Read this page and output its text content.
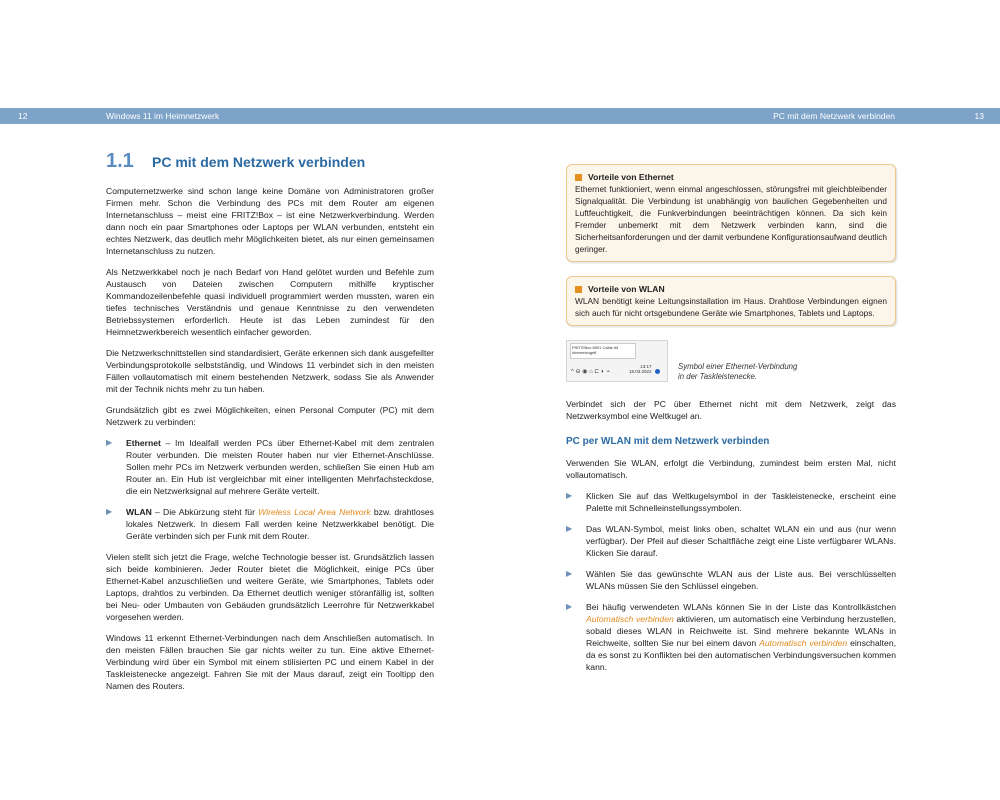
12	Windows 11 im Heimnetzwerk	PC mit dem Netzwerk verbinden	13
1.1	PC mit dem Netzwerk verbinden

Computernetzwerke sind schon lange keine Domäne von Administratoren großer Firmen mehr. Schon die Verbindung des PCs mit dem Router am eigenen Internetanschluss – meist eine FRITZ!Box – ist eine Netzwerkverbindung. Werden dann noch ein paar Smartphones oder Laptops per WLAN verbunden, entsteht ein echtes Netzwerk, das deutlich mehr Möglichkeiten bietet, als nur einen gemeinsamen Internetanschluss zu nutzen.

Als Netzwerkkabel noch je nach Bedarf von Hand gelötet wurden und Befehle zum Austausch von Dateien zwischen Computern mithilfe kryptischer Kommandozeilenbefehle quasi individuell programmiert werden mussten, waren ein tiefes technisches Verständnis und genaue Kenntnisse zu den verwendeten Betriebssystemen erforderlich. Heute ist das Leben zumindest für den Heimnetzwerkbereich wesentlich einfacher geworden.

Die Netzwerkschnittstellen sind standardisiert, Geräte erkennen sich dank ausgefeilter Verbindungsprotokolle selbstständig, und Windows 11 verbindet sich in den meisten Fällen vollautomatisch mit einem bestehenden Netzwerk, sodass Sie als Anwender mit der Technik nichts mehr zu tun haben.

Grundsätzlich gibt es zwei Möglichkeiten, einen Personal Computer (PC) mit dem Netzwerk zu verbinden:

▶	Ethernet – Im Idealfall werden PCs über Ethernet-Kabel mit dem zentralen Router verbunden. Die meisten Router haben nur vier Ethernet-Anschlüsse. Sollen mehr PCs im Netzwerk verbunden werden, schließen Sie einen Hub am Router an. Ein Hub ist vergleichbar mit einer intelligenten Mehrfachsteckdose, die ein Netzwerksignal auf mehrere Geräte verteilt.

▶	WLAN – Die Abkürzung steht für Wireless Local Area Network bzw. drahtloses lokales Netzwerk. In diesem Fall werden keine Netzwerkkabel benötigt. Die Geräte verbinden sich per Funk mit dem Router.

Vielen stellt sich jetzt die Frage, welche Technologie besser ist. Grundsätzlich lassen sich beide kombinieren. Jeder Router bietet die Möglichkeit, einige PCs über Ethernet-Kabel anzuschließen und weitere Geräte, wie Smartphones, Tablets oder Laptops, drahtlos zu verbinden. Da Ethernet deutlich weniger störanfällig ist, sollten bei Neu- oder Umbauten von Gebäuden grundsätzlich Leerrohre für Netzwerkkabel vorgesehen werden.

Windows 11 erkennt Ethernet-Verbindungen nach dem Anschließen automatisch. In den meisten Fällen brauchen Sie gar nichts weiter zu tun. Eine aktive Ethernet-Verbindung wird über ein Symbol mit einem stilisierten PC und einem Kabel in der Taskleistenecke angezeigt. Fahren Sie mit der Maus darauf, zeigt ein Tooltipp den Namen des Routers.

Vorteile von Ethernet

Ethernet funktioniert, wenn einmal angeschlossen, störungsfrei mit gleichbleibender Signalqualität. Die Verbindung ist unabhängig von baulichen Gegebenheiten und Luftfeuchtigkeit, die Funkverbindungen beeinträchtigen können. Da sich kein Fremder unbemerkt mit dem Netzwerk verbinden kann, sind die Sicherheitsanforderungen und der damit verbundene Konfigurationsaufwand deutlich geringer.

Vorteile von WLAN

WLAN benötigt keine Leitungsinstallation im Haus. Drahtlose Verbindungen eignen sich auch für nicht ortsgebundene Geräte wie Smartphones, Tablets und Laptops.

FRITZ!Box 6591 Cable All
Internetzugriff
^ ⊖ ◉ ⌂ ⊏ ◐ ⌁
13:17
18.03.2022
Symbol einer Ethernet-Verbindung
in der Taskleistenecke.

Verbindet sich der PC über Ethernet nicht mit dem Netzwerk, zeigt das Netzwerksymbol eine Weltkugel an.

PC per WLAN mit dem Netzwerk verbinden

Verwenden Sie WLAN, erfolgt die Verbindung, zumindest beim ersten Mal, nicht vollautomatisch.

▶	Klicken Sie auf das Weltkugelsymbol in der Taskleistenecke, erscheint eine Palette mit Schnelleinstellungssymbolen.

▶	Das WLAN-Symbol, meist links oben, schaltet WLAN ein und aus (nur wenn verfügbar). Der Pfeil auf dieser Schaltfläche zeigt eine Liste verfügbarer WLANs. Klicken Sie darauf.

▶	Wählen Sie das gewünschte WLAN aus der Liste aus. Bei verschlüsselten WLANs müssen Sie den Schlüssel eingeben.

▶	Bei häufig verwendeten WLANs können Sie in der Liste das Kontrollkästchen Automatisch verbinden aktivieren, um automatisch eine Verbindung herzustellen, sobald dieses WLAN in Reichweite ist. Sind mehrere bekannte WLANs in Reichweite, sollten Sie nur bei einem davon Automatisch verbinden einschalten, da es sonst zu Konflikten bei den automatischen Verbindungsversuchen kommen kann.
